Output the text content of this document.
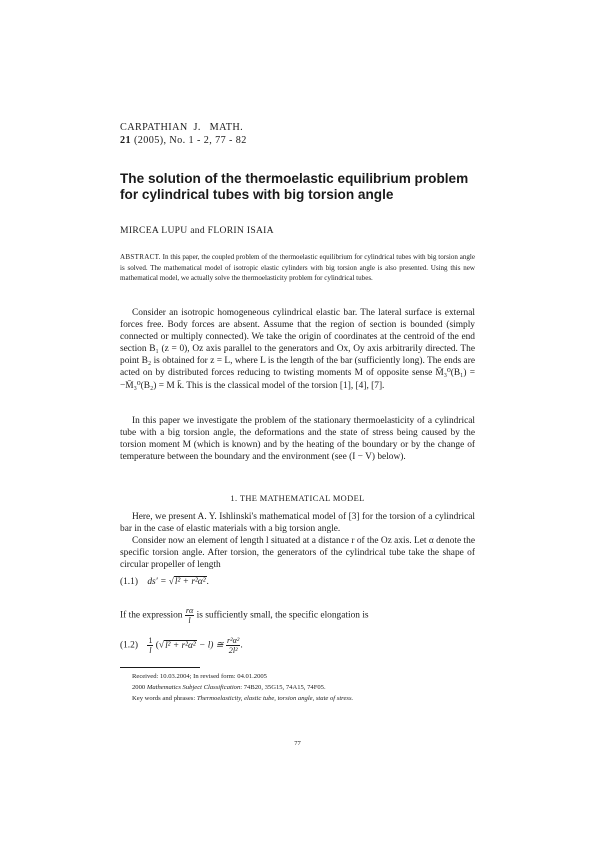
CARPATHIAN  J.   MATH.
21 (2005), No. 1 - 2, 77 - 82
The solution of the thermoelastic equilibrium problem for cylindrical tubes with big torsion angle
MIRCEA LUPU and FLORIN ISAIA
ABSTRACT. In this paper, the coupled problem of the thermoelastic equilibrium for cylindrical tubes with big torsion angle is solved. The mathematical model of isotropic elastic cylinders with big torsion angle is also presented. Using this new mathematical model, we actually solve the thermoelasticity problem for cylindrical tubes.
Consider an isotropic homogeneous cylindrical elastic bar. The lateral surface is external forces free. Body forces are absent. Assume that the region of section is bounded (simply connected or multiply connected). We take the origin of coordinates at the centroid of the end section B₁ (z = 0), Oz axis parallel to the generators and Ox, Oy axis arbitrarily directed. The point B₂ is obtained for z = L, where L is the length of the bar (sufficiently long). The ends are acted on by distributed forces reducing to twisting moments M of opposite sense M̄₃⁰(B₁) = −M̄₃⁰(B₂) = M k̄. This is the classical model of the torsion [1], [4], [7].
In this paper we investigate the problem of the stationary thermoelasticity of a cylindrical tube with a big torsion angle, the deformations and the state of stress being caused by the torsion moment M (which is known) and by the heating of the boundary or by the change of temperature between the boundary and the environment (see (I − V) below).
1. THE MATHEMATICAL MODEL
Here, we present A. Y. Ishlinski's mathematical model of [3] for the torsion of a cylindrical bar in the case of elastic materials with a big torsion angle.
Consider now an element of length l situated at a distance r of the Oz axis. Let α denote the specific torsion angle. After torsion, the generators of the cylindrical tube take the shape of circular propeller of length
(1.1) ds′ = √l² + r²α².
If the expression $\frac{r\alpha}{l}$ is sufficiently small, the specific elongation is
$(1.2) \frac{1}{l} (√l^2 + r^2\alpha^2 - l)$ ≅ $\frac{\text{r²α²}}{\text{2l²}}$ .
Received: 10.03.2004; In revised form: 04.01.2005
2000 Mathematics Subject Classification: 74B20, 35G15, 74A15, 74F05.
Key words and phrases: Thermoelasticity, elastic tube, torsion angle, state of stress.
77
